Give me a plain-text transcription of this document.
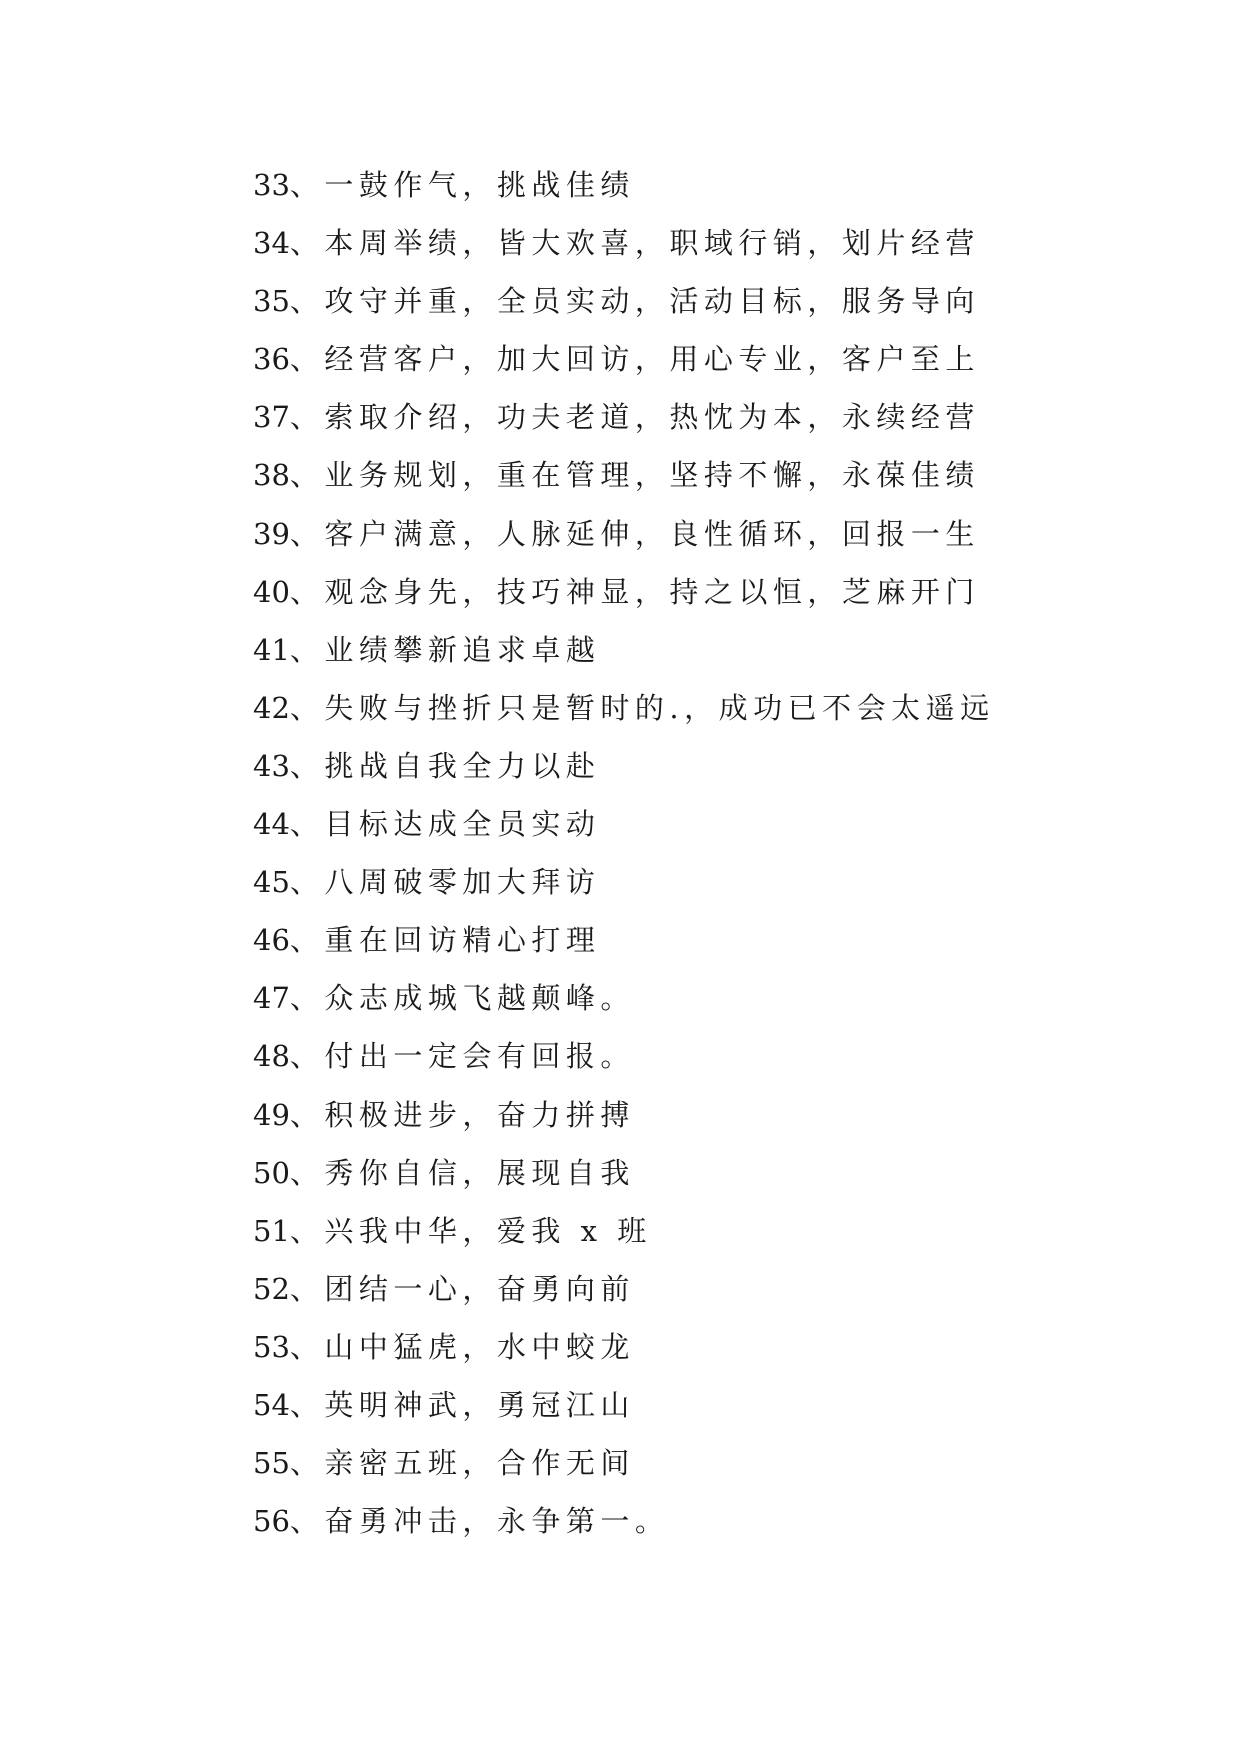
33、一鼓作气，挑战佳绩
34、本周举绩，皆大欢喜，职域行销，划片经营
35、攻守并重，全员实动，活动目标，服务导向
36、经营客户，加大回访，用心专业，客户至上
37、索取介绍，功夫老道，热忱为本，永续经营
38、业务规划，重在管理，坚持不懈，永葆佳绩
39、客户满意，人脉延伸，良性循环，回报一生
40、观念身先，技巧神显，持之以恒，芝麻开门
41、业绩攀新追求卓越
42、失败与挫折只是暂时的.，成功已不会太遥远
43、挑战自我全力以赴
44、目标达成全员实动
45、八周破零加大拜访
46、重在回访精心打理
47、众志成城飞越颠峰。
48、付出一定会有回报。
49、积极进步，奋力拼搏
50、秀你自信，展现自我
51、兴我中华，爱我 x 班
52、团结一心，奋勇向前
53、山中猛虎，水中蛟龙
54、英明神武，勇冠江山
55、亲密五班，合作无间
56、奋勇冲击，永争第一。
